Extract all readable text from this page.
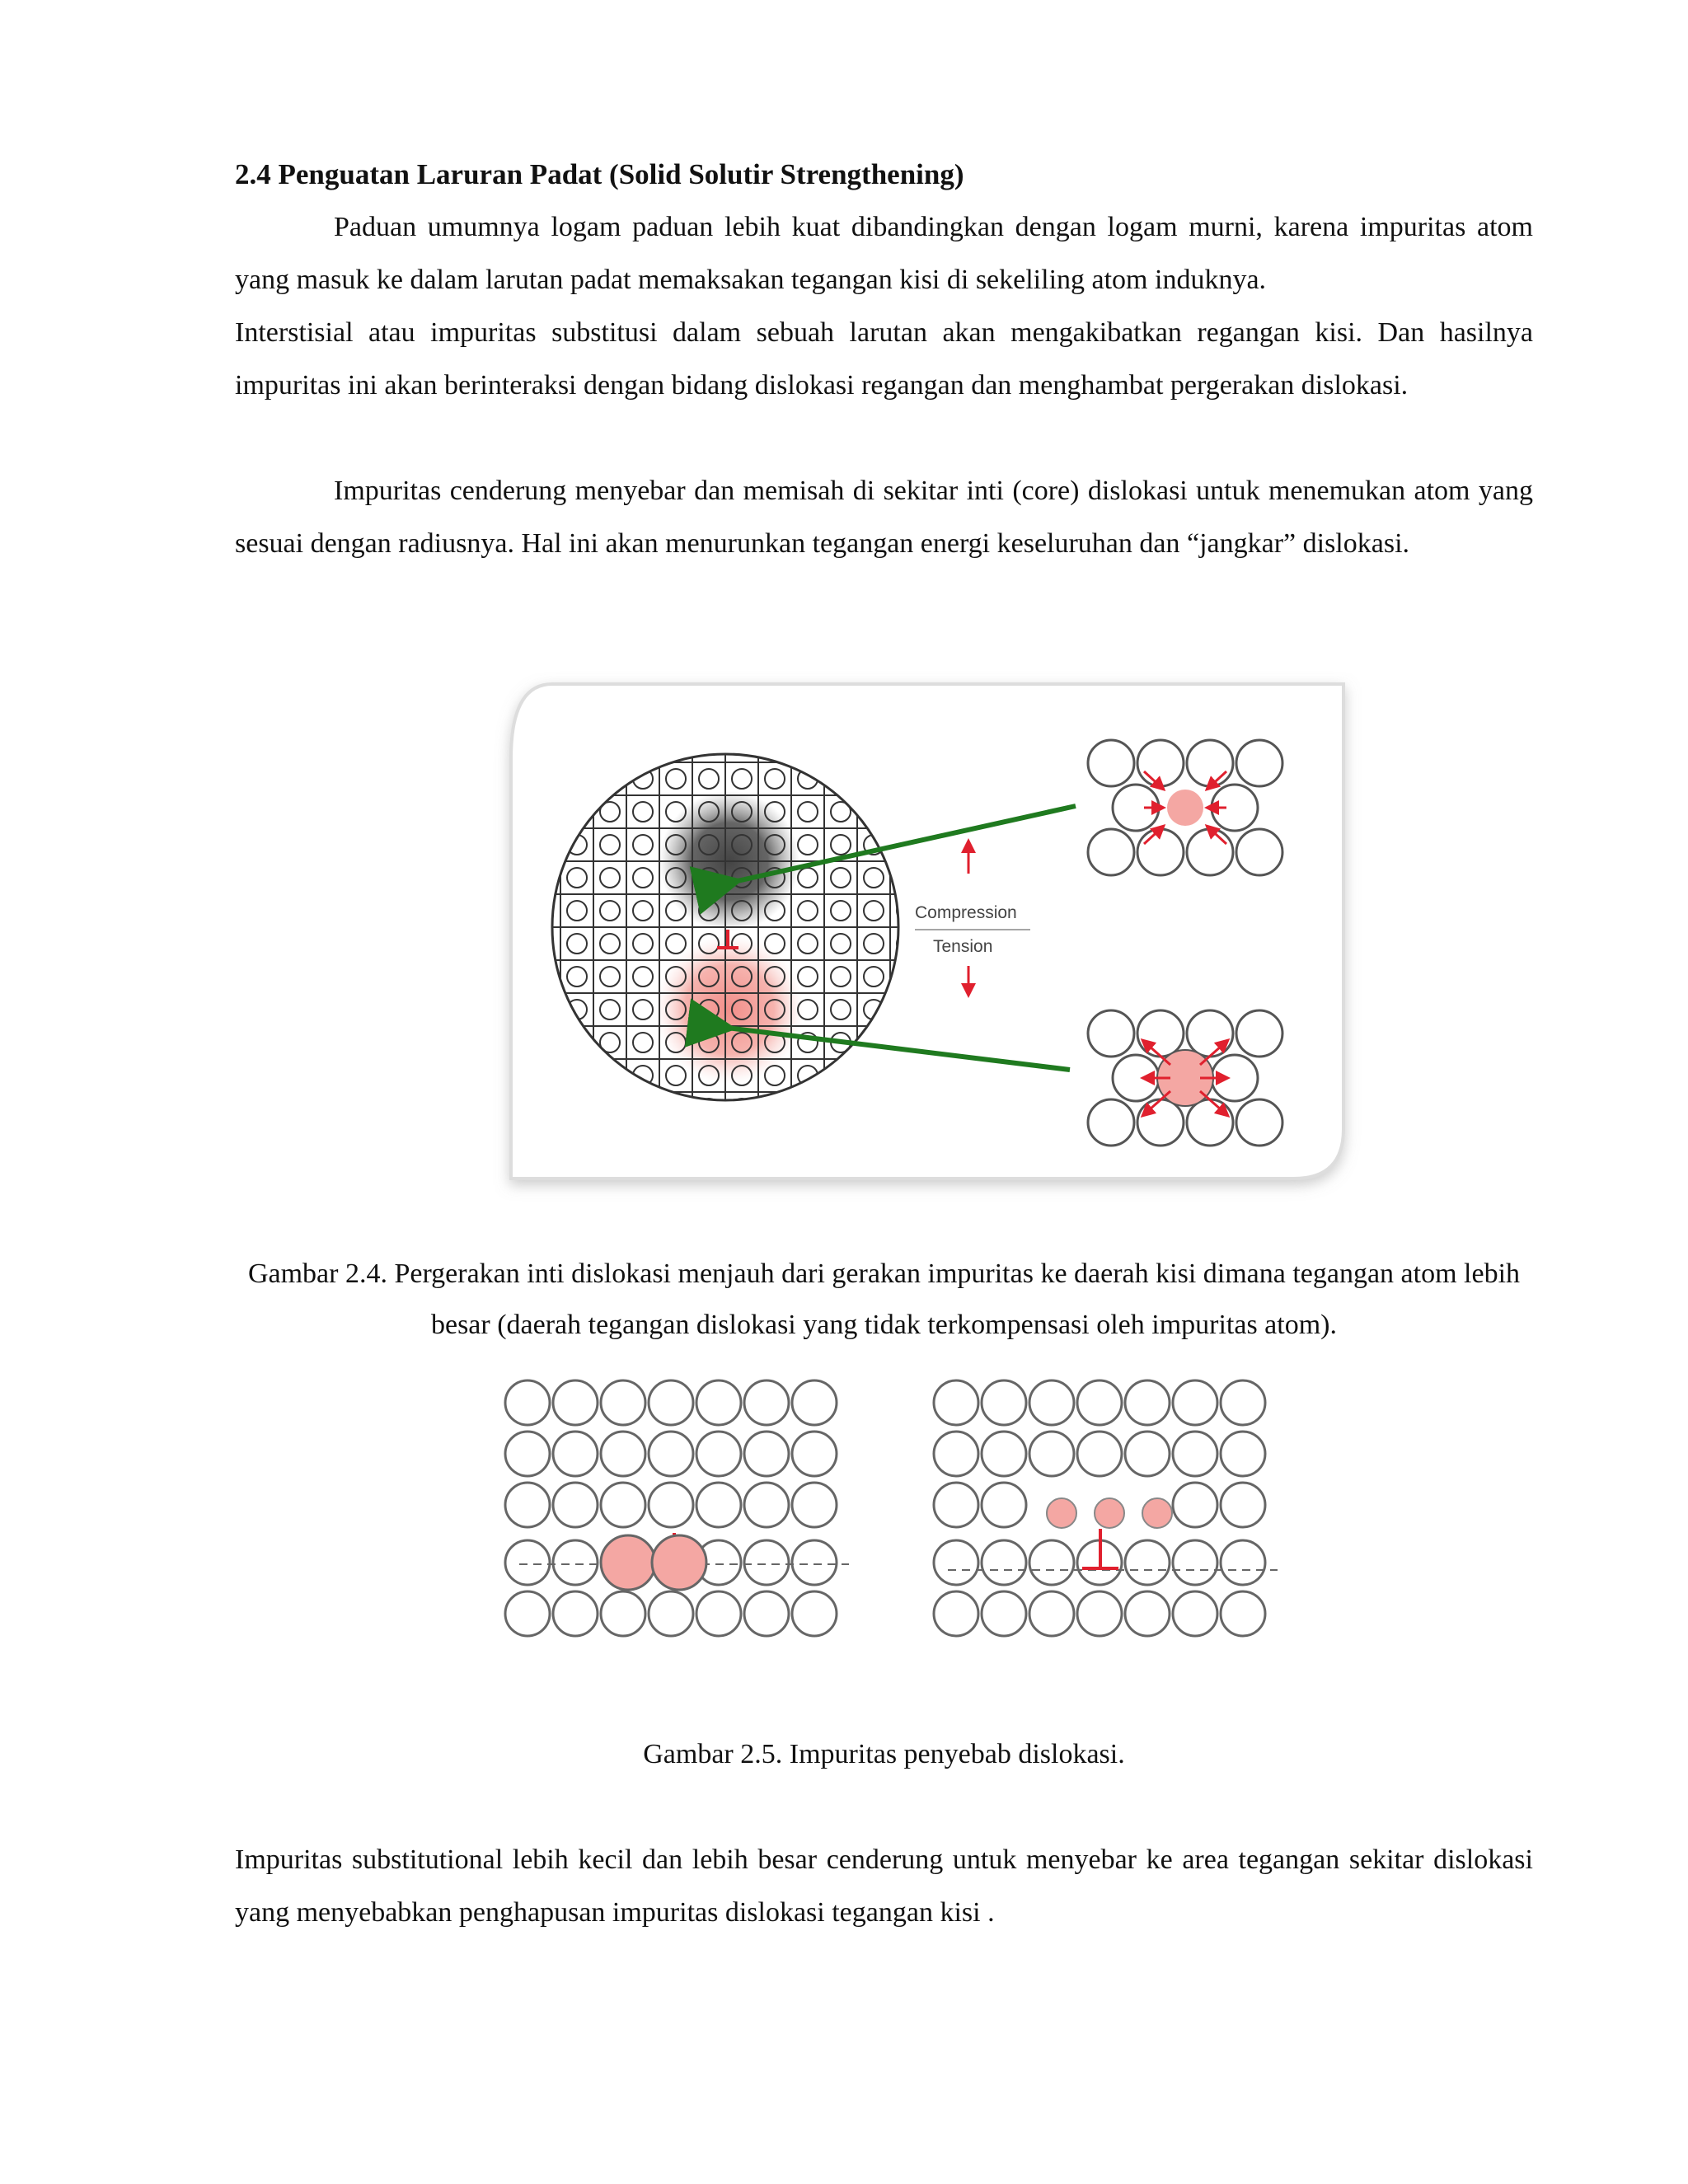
2.4 Penguatan Laruran Padat (Solid Solutir Strengthening)

Paduan umumnya logam paduan lebih kuat dibandingkan dengan logam murni, karena impuritas atom yang masuk ke dalam larutan padat memaksakan tegangan kisi di sekeliling atom induknya.

Interstisial atau impuritas substitusi dalam sebuah larutan akan mengakibatkan regangan kisi. Dan hasilnya impuritas ini akan berinteraksi dengan bidang dislokasi regangan dan menghambat pergerakan dislokasi.

Impuritas cenderung menyebar dan memisah di sekitar inti (core) dislokasi untuk menemukan atom yang sesuai dengan radiusnya. Hal ini akan menurunkan tegangan energi keseluruhan dan “jangkar” dislokasi.

Compression
Tension

Gambar 2.4. Pergerakan inti dislokasi menjauh dari gerakan impuritas ke daerah kisi dimana tegangan atom lebih besar (daerah tegangan dislokasi yang tidak terkompensasi oleh impuritas atom).

Gambar 2.5. Impuritas penyebab dislokasi.

Impuritas substitutional lebih kecil dan lebih besar cenderung untuk menyebar ke area tegangan sekitar dislokasi yang menyebabkan penghapusan impuritas dislokasi tegangan kisi .
